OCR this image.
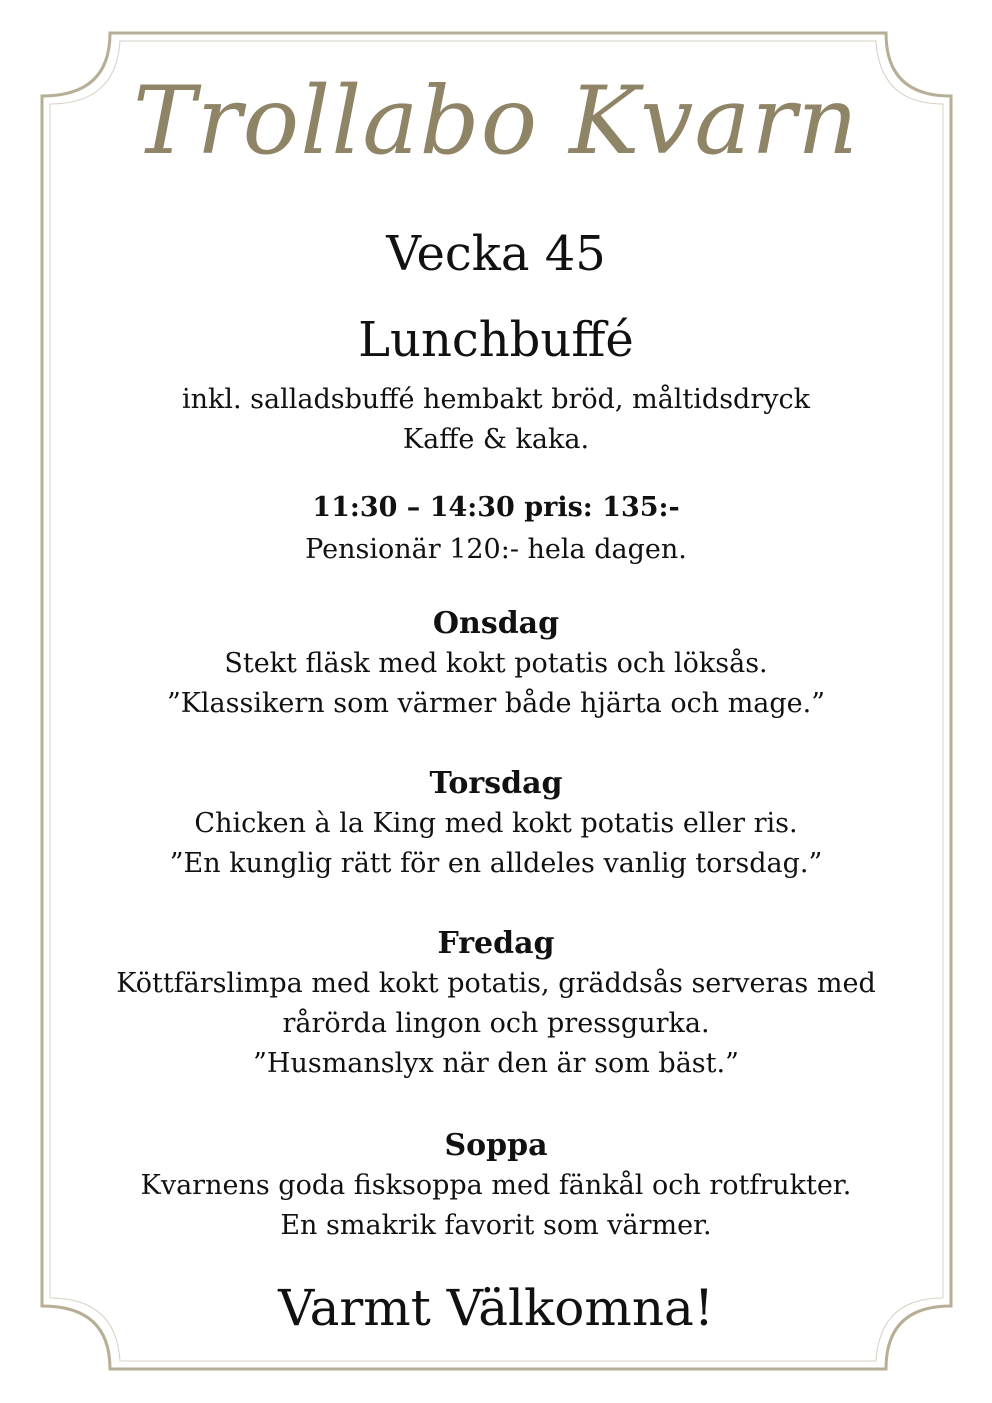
Trollabo Kvarn
Vecka 45
Lunchbuffé
inkl. salladsbuffé hembakt bröd, måltidsdryck
Kaffe & kaka.
11:30 – 14:30 pris: 135:-
Pensionär 120:- hela dagen.
Onsdag
Stekt fläsk med kokt potatis och löksås.
”Klassikern som värmer både hjärta och mage.”
Torsdag
Chicken à la King med kokt potatis eller ris.
”En kunglig rätt för en alldeles vanlig torsdag.”
Fredag
Köttfärslimpa med kokt potatis, gräddsås serveras med
rårörda lingon och pressgurka.
”Husmanslyx när den är som bäst.”
Soppa
Kvarnens goda fisksoppa med fänkål och rotfrukter.
En smakrik favorit som värmer.
Varmt Välkomna!
